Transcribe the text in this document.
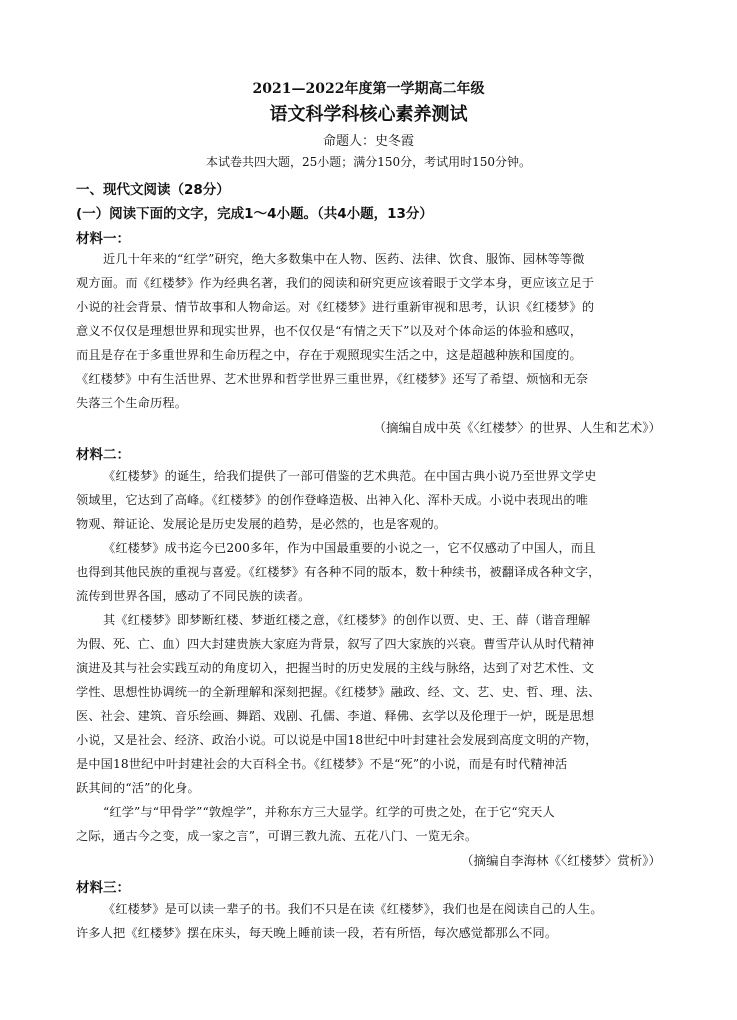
2021—2022年度第一学期高二年级
语文科学科核心素养测试
命题人：史冬霞
本试卷共四大题，25小题；满分150分，考试用时150分钟。
一、现代文阅读（28分）
(一）阅读下面的文字，完成1～4小题。（共4小题，13分）
材料一：
近几十年来的“红学”研究，绝大多数集中在人物、医药、法律、饮食、服饰、园林等等微
观方面。而《红楼梦》作为经典名著，我们的阅读和研究更应该着眼于文学本身，更应该立足于
小说的社会背景、情节故事和人物命运。对《红楼梦》进行重新审视和思考，认识《红楼梦》的
意义不仅仅是理想世界和现实世界，也不仅仅是“有情之天下”以及对个体命运的体验和感叹，
而且是存在于多重世界和生命历程之中，存在于观照现实生活之中，这是超越种族和国度的。
《红楼梦》中有生活世界、艺术世界和哲学世界三重世界，《红楼梦》还写了希望、烦恼和无奈
失落三个生命历程。
（摘编自成中英《〈红楼梦〉的世界、人生和艺术》）
材料二：
《红楼梦》的诞生，给我们提供了一部可借鉴的艺术典范。在中国古典小说乃至世界文学史
领域里，它达到了高峰。《红楼梦》的创作登峰造极、出神入化、浑朴天成。小说中表现出的唯
物观、辩证论、发展论是历史发展的趋势，是必然的，也是客观的。
《红楼梦》成书迄今已200多年，作为中国最重要的小说之一，它不仅感动了中国人，而且
也得到其他民族的重视与喜爱。《红楼梦》有各种不同的版本，数十种续书，被翻译成各种文字，
流传到世界各国，感动了不同民族的读者。
其《红楼梦》即梦断红楼、梦逝红楼之意，《红楼梦》的创作以贾、史、王、薛（谐音理解
为假、死、亡、血）四大封建贵族大家庭为背景，叙写了四大家族的兴衰。曹雪芹认从时代精神
演进及其与社会实践互动的角度切入，把握当时的历史发展的主线与脉络，达到了对艺术性、文
学性、思想性协调统一的全新理解和深刻把握。《红楼梦》融政、经、文、艺、史、哲、理、法、
医、社会、建筑、音乐绘画、舞蹈、戏剧、孔儒、李道、释佛、玄学以及伦理于一炉，既是思想
小说，又是社会、经济、政治小说。可以说是中国18世纪中叶封建社会发展到高度文明的产物，
是中国18世纪中叶封建社会的大百科全书。《红楼梦》不是“死”的小说，而是有时代精神活
跃其间的“活”的化身。
“红学”与“甲骨学”“敦煌学”，并称东方三大显学。红学的可贵之处，在于它“究天人
之际，通古今之变，成一家之言”，可谓三教九流、五花八门、一览无余。
（摘编自李海林《〈红楼梦〉赏析》）
材料三：
《红楼梦》是可以读一辈子的书。我们不只是在读《红楼梦》，我们也是在阅读自己的人生。
许多人把《红楼梦》摆在床头，每天晚上睡前读一段，若有所悟，每次感觉都那么不同。
